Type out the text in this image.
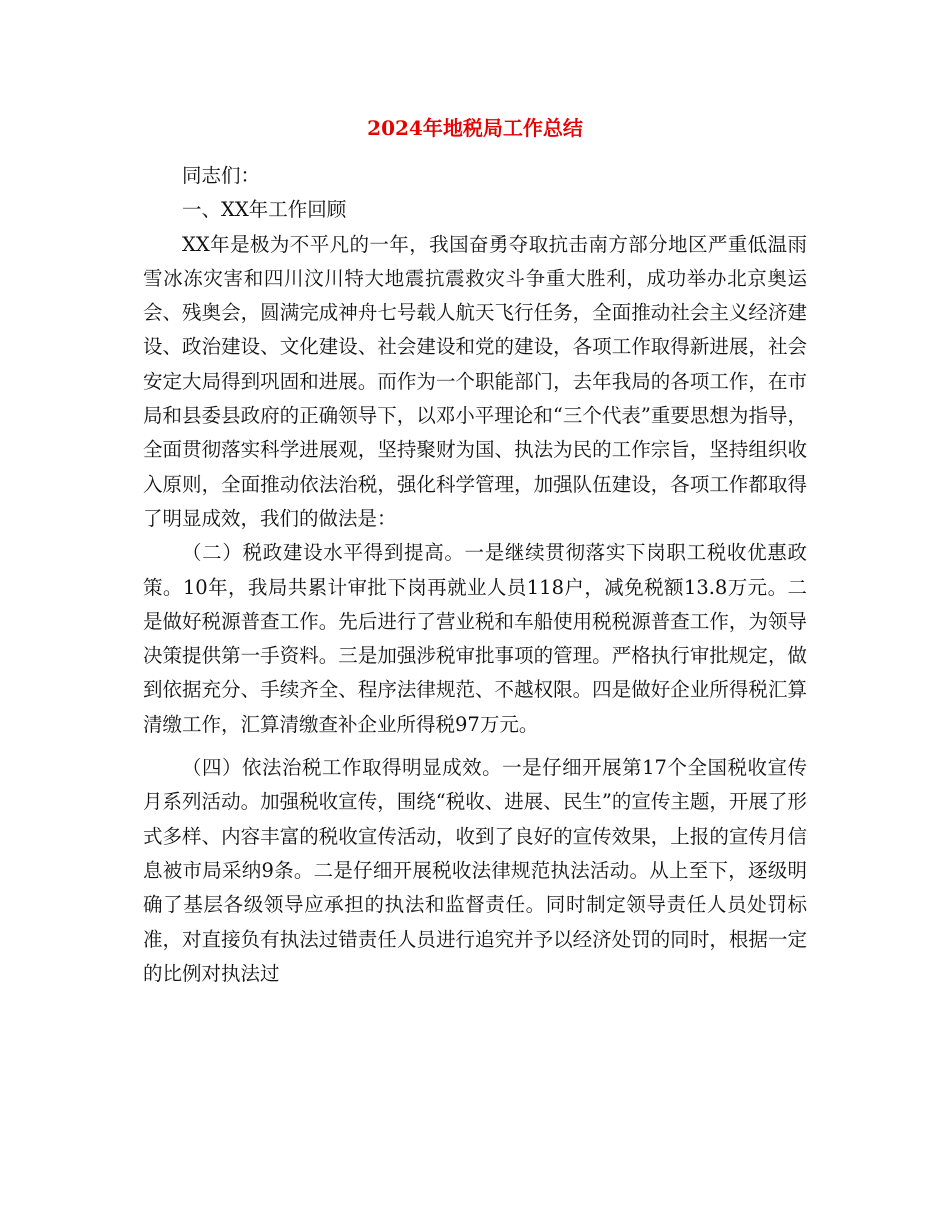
2024年地税局工作总结

同志们：

一、XX年工作回顾

XX年是极为不平凡的一年，我国奋勇夺取抗击南方部分地区严重低温雨雪冰冻灾害和四川汶川特大地震抗震救灾斗争重大胜利，成功举办北京奥运会、残奥会，圆满完成神舟七号载人航天飞行任务，全面推动社会主义经济建设、政治建设、文化建设、社会建设和党的建设，各项工作取得新进展，社会安定大局得到巩固和进展。而作为一个职能部门，去年我局的各项工作，在市局和县委县政府的正确领导下，以邓小平理论和“三个代表”重要思想为指导，全面贯彻落实科学进展观，坚持聚财为国、执法为民的工作宗旨，坚持组织收入原则，全面推动依法治税，强化科学管理，加强队伍建设，各项工作都取得了明显成效，我们的做法是：

（二）税政建设水平得到提高。一是继续贯彻落实下岗职工税收优惠政策。10年，我局共累计审批下岗再就业人员118户，减免税额13.8万元。二是做好税源普查工作。先后进行了营业税和车船使用税税源普查工作，为领导决策提供第一手资料。三是加强涉税审批事项的管理。严格执行审批规定，做到依据充分、手续齐全、程序法律规范、不越权限。四是做好企业所得税汇算清缴工作，汇算清缴查补企业所得税97万元。

（四）依法治税工作取得明显成效。一是仔细开展第17个全国税收宣传月系列活动。加强税收宣传，围绕“税收、进展、民生”的宣传主题，开展了形式多样、内容丰富的税收宣传活动，收到了良好的宣传效果，上报的宣传月信息被市局采纳9条。二是仔细开展税收法律规范执法活动。从上至下，逐级明确了基层各级领导应承担的执法和监督责任。同时制定领导责任人员处罚标准，对直接负有执法过错责任人员进行追究并予以经济处罚的同时，根据一定的比例对执法过
